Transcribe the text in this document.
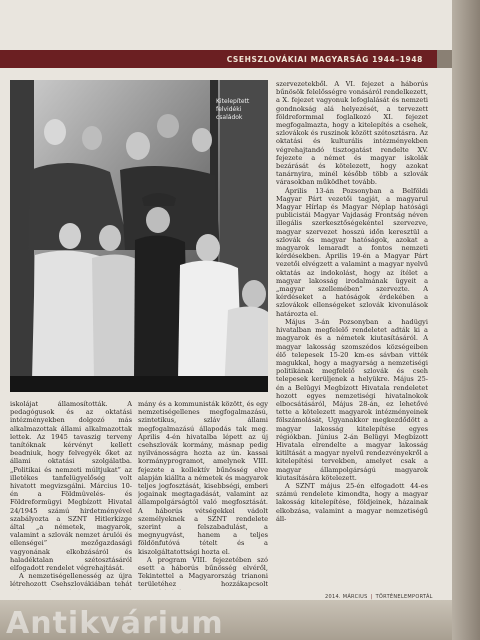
CSEHSZLOVÁKIAI MAGYARSÁG 1944–1948
Kitelepített felvidéki családok

iskolájat államosították. A pedagógusok és az oktatási intézményekben dolgozó más alkalmazottak állami alkalmazottak lettek. Az 1945 tavaszig terveny tanítóknak kérvényt kellett beadniuk, hogy felvegyék őket az állami oktatási szolgálatba. „Politikai és nemzeti múltjukat” az illetékes tanfelügyelőség volt hivatott megvizsgálni. Március 10-én a Földmûvelés- és Földreformügyi Megbízott Hivatal 24/1945 számú hirdetményével szabályozta a SZNT Hitlerkizge által „a németek, magyarok, valamint a szlovák nemzet árulói és ellenségei” mezőgazdasági vagyonának elkobzásáról és haladéktalan szétosztásáról elfogadott rendelet végrehajtását.

A nemzetiségellenesség az újra létrehozott Csehszlovákiában tehát

mány és a kommunisták között, és egy nemzetiségellenes megfogalmazású, szintetikus, szláv állami megfogalmazású állapodás tak meg. Április 4-én hivatalba lépett az új csehszlovák kormány, másnap pedig nyilvánosságra hozta az ún. kassai kormányprogramot, amelynek VIII. fejezete a kollektív bűnösség elve alapján kiállta a németek és magyarok teljes jogfosztását, kisebbségi, emberi jogainak megtagadását, valamint az állampolgárságtól való megfosztását. A háborús vétségekkel vádolt személyeknek a SZNT rendelete szerint a felszabadulást, a megnyugvást, hanem a teljes földönfutóvá tételt és a kiszolgáltatottsági hozta el.

A program VIII. fejezetében szó esett a háborús bűnösség elvéről, Tekintettel a Magyarország trianoni területéhez hozzákapcsolt

szervezetekből. A VI. fejezet a háborús bűnösök felelősségre vonásáról rendelkezett, a X. fejezet vagyonuk lefoglalását és nemzeti gondnokság alá helyezését, a tervezett földreformmal foglalkozó XI. fejezet megfogalmazta, hogy a kitelepítés a csehek, szlovákok és ruszinok között szétosztásra. Az oktatási és kulturális intézményekben végrehajtandó tisztogatást rendelte XV. fejezete a német és magyar iskolák bezárását és kötelezett, hogy azokat tanárnyira, minél később több a szlovák várasokban működhet tovább.

Április 13-án Pozsonyban a Belföldi Magyar Párt vezetői tagját, a magyarul Magyar Hírlap és Magyar Néplap hatósági publicistái Magyar Vajdaság Frontság néven illegális szerkesztőségekéntel szervezve, magyar szervezet hosszú időn keresztül a szlovák és magyar hatóságok, azokat a magyarok lemaradt a fontos nemzeti kérdésekben. Április 19-én a Magyar Párt vezetői elvégzett a valamint a magyar nyelvű oktatás az indokolást, hogy az ítélet a magyar lakosság irodalmának ügyeit a „magyar szellemében” szervezte. A kérdéseket a hatóságok érdekében a szlovákok ellenségeket szlovák kivonulások határozta el.

Május 3-án Pozsonyban a hadügyi hivatalban megfelelő rendeletet adták ki a magyarok és a németek kiutasításáról. A magyar lakosság szomszédos községeiben élő telepesek 15-20 km-es sávban vitték magukkal, hogy a magyarság a nemzetiségi politikának megfelelő szlovák és cseh telepesek kerüljenek a helyükre. Május 25-én a Belügyi Megbízott Hivatala rendeletet hozott egyes nemzetiségi hivatalnokok elbocsátásáról, Május 28-án, ez lehetővé tette a kötelezett magyarok intézményeinek fölszámolását, Ugyanakkor megkezdődött a magyar lakosság kitelepítése egyes régiókban. Június 2-án Belügyi Megbízott Hivatala elrendelte a magyar lakosság kitiltását a magyar nyelvű rendezvényekről a kitelepítési tervekben, amelyet csak a magyar állampolgárságú magyarok kiutasítására kötelezett.

A SZNT május 25-én elfogadott 44-es számú rendelete kimondta, hogy a magyar lakosság kitelepítése, földjeinek, házainak elkobzása, valamint a magyar nemzetiségű áll-

2014. MÁRCIUS | TÖRTÉNELEMPORTÁL
Antikvárium
